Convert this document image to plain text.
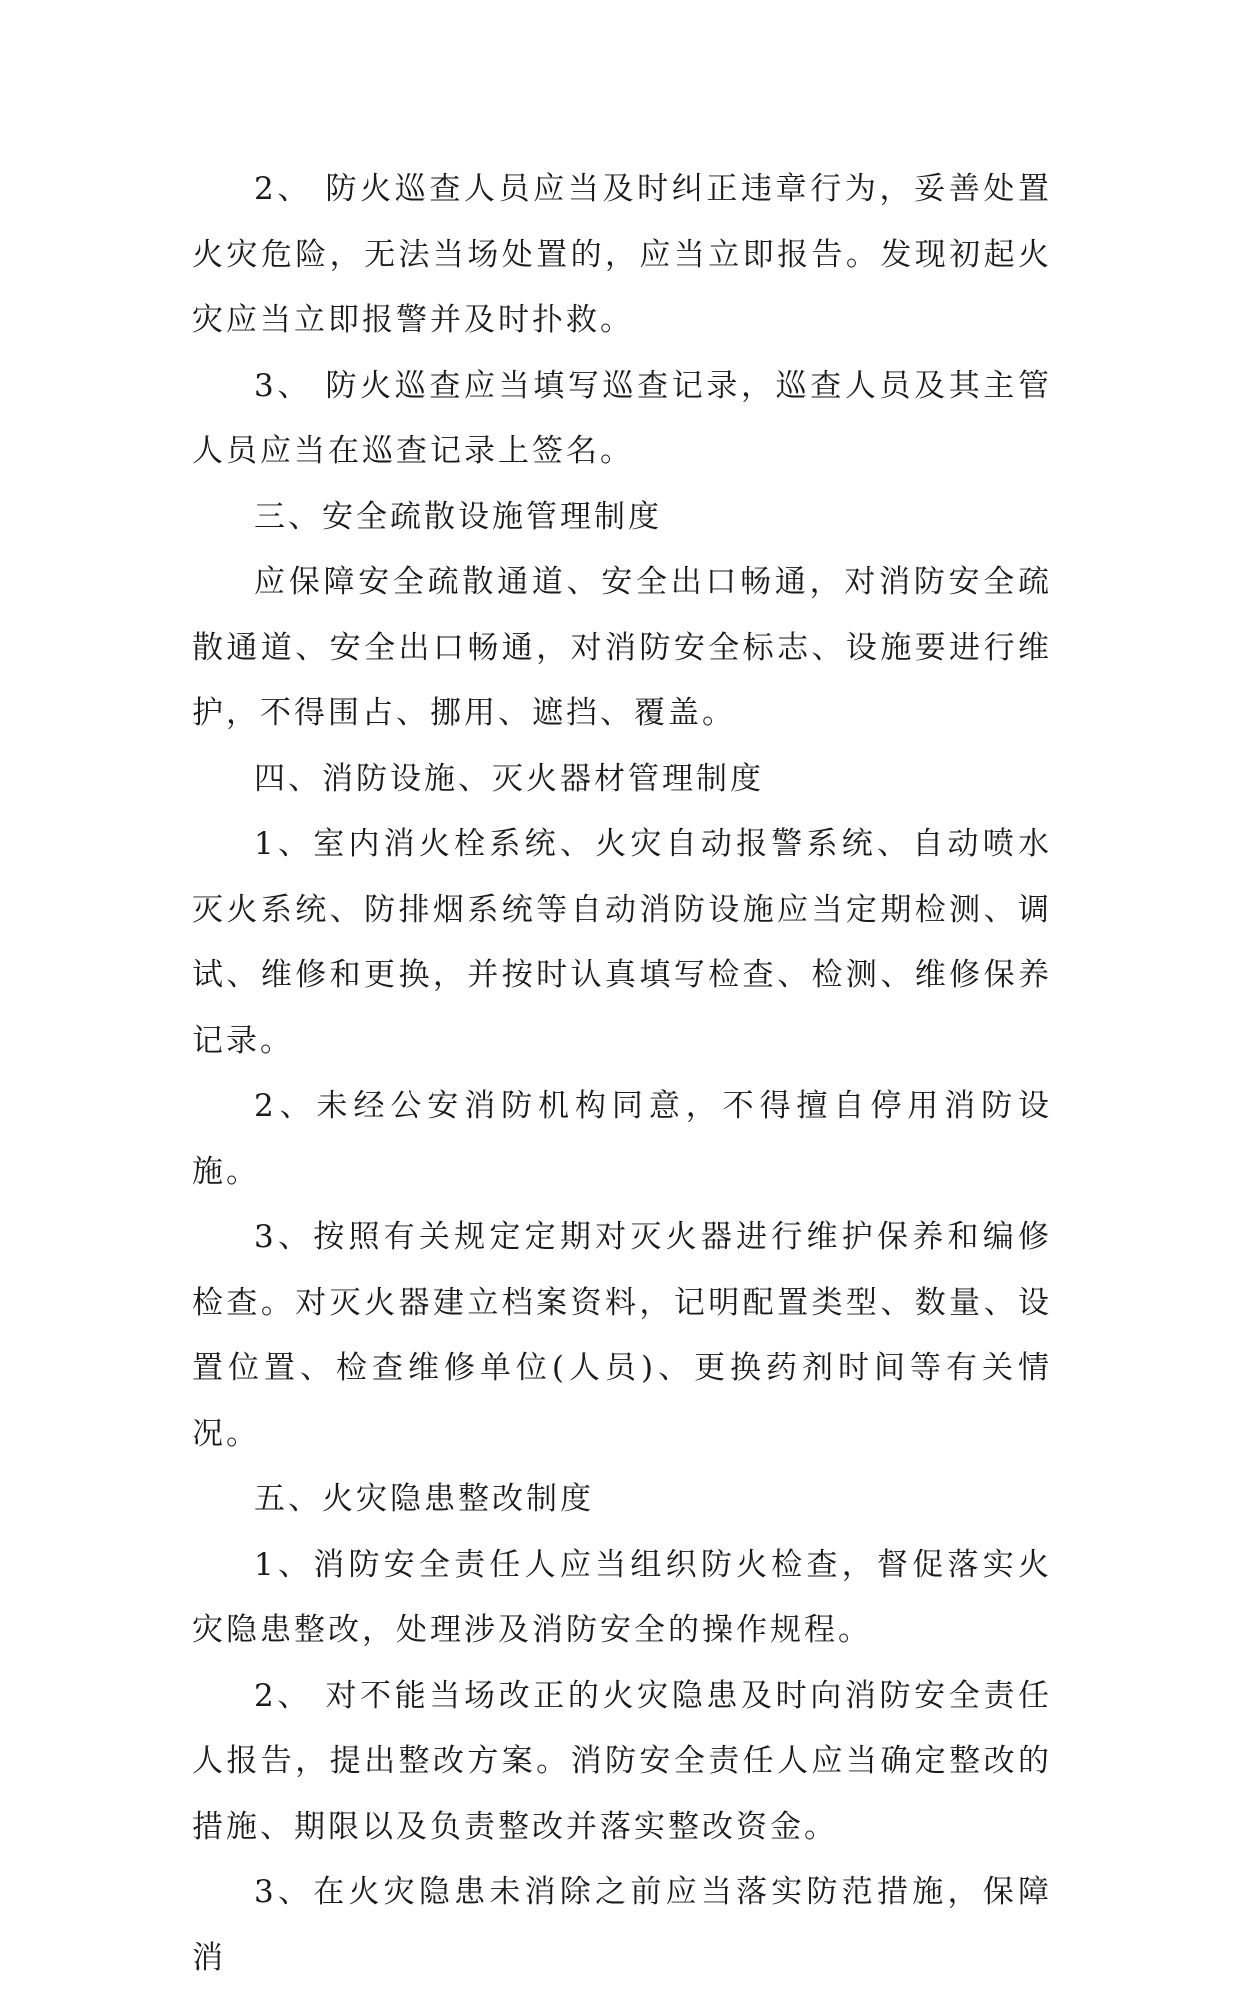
2、 防火巡查人员应当及时纠正违章行为，妥善处置火灾危险，无法当场处置的，应当立即报告。发现初起火灾应当立即报警并及时扑救。

3、 防火巡查应当填写巡查记录，巡查人员及其主管人员应当在巡查记录上签名。

三、安全疏散设施管理制度

应保障安全疏散通道、安全出口畅通，对消防安全疏散通道、安全出口畅通，对消防安全标志、设施要进行维护，不得围占、挪用、遮挡、覆盖。

四、消防设施、灭火器材管理制度

1、室内消火栓系统、火灾自动报警系统、自动喷水灭火系统、防排烟系统等自动消防设施应当定期检测、调试、维修和更换，并按时认真填写检查、检测、维修保养记录。

2、未经公安消防机构同意，不得擅自停用消防设施。

3、按照有关规定定期对灭火器进行维护保养和编修检查。对灭火器建立档案资料，记明配置类型、数量、设置位置、检查维修单位(人员)、更换药剂时间等有关情况。

五、火灾隐患整改制度

1、消防安全责任人应当组织防火检查，督促落实火灾隐患整改，处理涉及消防安全的操作规程。

2、 对不能当场改正的火灾隐患及时向消防安全责任人报告，提出整改方案。消防安全责任人应当确定整改的措施、期限以及负责整改并落实整改资金。

3、在火灾隐患未消除之前应当落实防范措施，保障消
